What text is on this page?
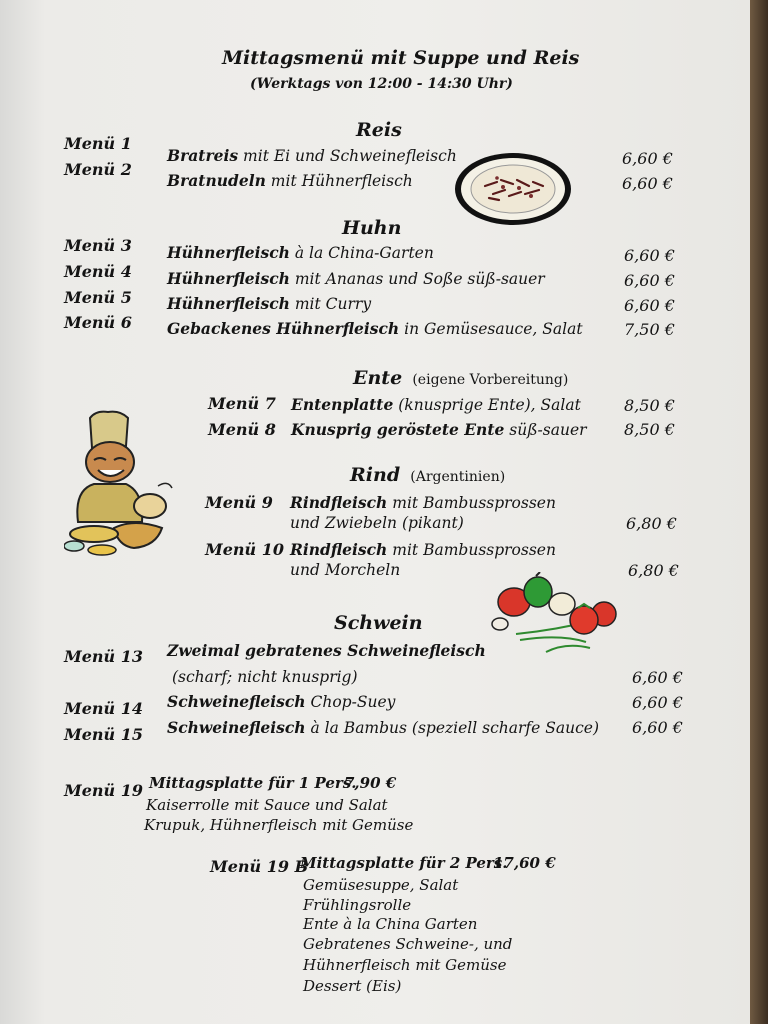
Mittagsmenü mit Suppe und Reis
(Werktags von 12:00 - 14:30 Uhr)
Reis
Menü 1
Bratreis mit Ei und Schweinefleisch	6,60 €
Menü 2
Bratnudeln mit Hühnerfleisch	6,60 €
Huhn
Menü 3 Hühnerfleisch à la China-Garten	6,60 €
Menü 4 Hühnerfleisch mit Ananas und Soße süß-sauer	6,60 €
Menü 5 Hühnerfleisch mit Curry	6,60 €
Menü 6 Gebackenes Hühnerfleisch in Gemüsesauce, Salat	7,50 €
Ente (eigene Vorbereitung)
Menü 7 Entenplatte (knusprige Ente), Salat	8,50 €
Menü 8 Knusprig geröstete Ente süß-sauer 8,50 €
Rind (Argentinien)
Menü 9 Rindfleisch mit Bambussprossen
und Zwiebeln (pikant)	6,80 €
Menü 10 Rindfleisch mit Bambussprossen
und Morcheln	6,80 €
Schwein
Menü 13 Zweimal gebratenes Schweinefleisch
(scharf; nicht knusprig)	6,60 €
Menü 14 Schweinefleisch Chop-Suey	6,60 €
Menü 15 Schweinefleisch à la Bambus (speziell scharfe Sauce) 6,60 €
Menü 19 Mittagsplatte für 1 Pers.
7,90 €
Kaiserrolle mit Sauce und Salat
Krupuk, Hühnerfleisch mit Gemüse
Menü 19 B
Mittagsplatte für 2 Pers.
17,60 €
Gemüsesuppe, Salat
Frühlingsrolle
Ente à la China Garten
Gebratenes Schweine-, und
Hühnerfleisch mit Gemüse
Dessert (Eis)
